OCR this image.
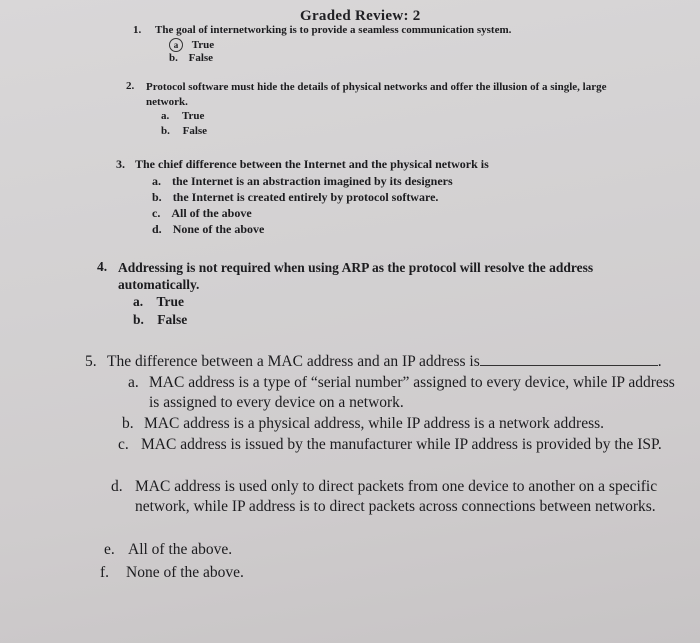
Graded Review: 2
1. The goal of internetworking is to provide a seamless communication system.
a True
b. False
2. Protocol software must hide the details of physical networks and offer the illusion of a single, large network.
a. True
b. False
3. The chief difference between the Internet and the physical network is
a. the Internet is an abstraction imagined by its designers
b. the Internet is created entirely by protocol software.
c. All of the above
d. None of the above
4. Addressing is not required when using ARP as the protocol will resolve the address automatically.
a. True
b. False
5. The difference between a MAC address and an IP address is	.
a. MAC address is a type of “serial number” assigned to every device, while IP address is assigned to every device on a network.
b. MAC address is a physical address, while IP address is a network address.
c. MAC address is issued by the manufacturer while IP address is provided by the ISP.
d. MAC address is used only to direct packets from one device to another on a specific network, while IP address is to direct packets across connections between networks.
e. All of the above.
f. None of the above.
